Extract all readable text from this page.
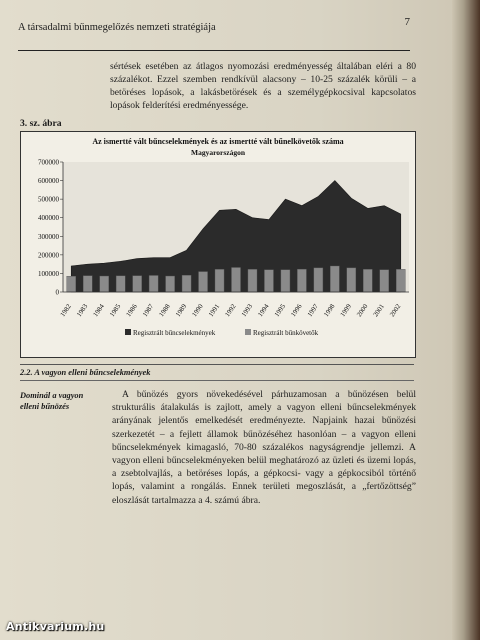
A társadalmi bűnmegelőzés nemzeti stratégiája	7
sértések esetében az átlagos nyomozási eredményesség általában eléri a 80 százalékot. Ezzel szemben rendkívül alacsony – 10-25 százalék körüli – a betöréses lopások, a lakásbetörések és a személygépkocsival kapcsolatos lopások felderítési eredményessége.
3. sz. ábra
Az ismertté vált bűncselekmények és az ismertté vált bűnelkövetők száma
Magyarországon
0
100000
200000
300000
400000
500000
600000
700000
1982 1983 1984 1985 1986 1987 1988 1989 1990 1991 1992 1993 1994 1995 1996 1997 1998 1999 2000 2001 2002
Regisztrált bűncselekmények	Regisztrált bűnkövetők
2.2. A vagyon elleni bűncselekmények
Dominál a vagyon elleni bűnözés
A bűnözés gyors növekedésével párhuzamosan a bűnözésen belül strukturális átalakulás is zajlott, amely a vagyon elleni bűncselekmények arányának jelentős emelkedését eredményezte. Napjaink hazai bűnözési szerkezetét – a fejlett államok bűnözéséhez hasonlóan – a vagyon elleni bűncselekmények kimagasló, 70-80 százalékos nagyságrendje jellemzi. A vagyon elleni bűncselekményeken belül meghatározó az üzleti és üzemi lopás, a zsebtolvajlás, a betöréses lopás, a gépkocsi- vagy a gépkocsiból történő lopás, valamint a rongálás. Ennek területi megoszlását, a „fertőzöttség” eloszlását tartalmazza a 4. számú ábra.
Antikvarium.hu
